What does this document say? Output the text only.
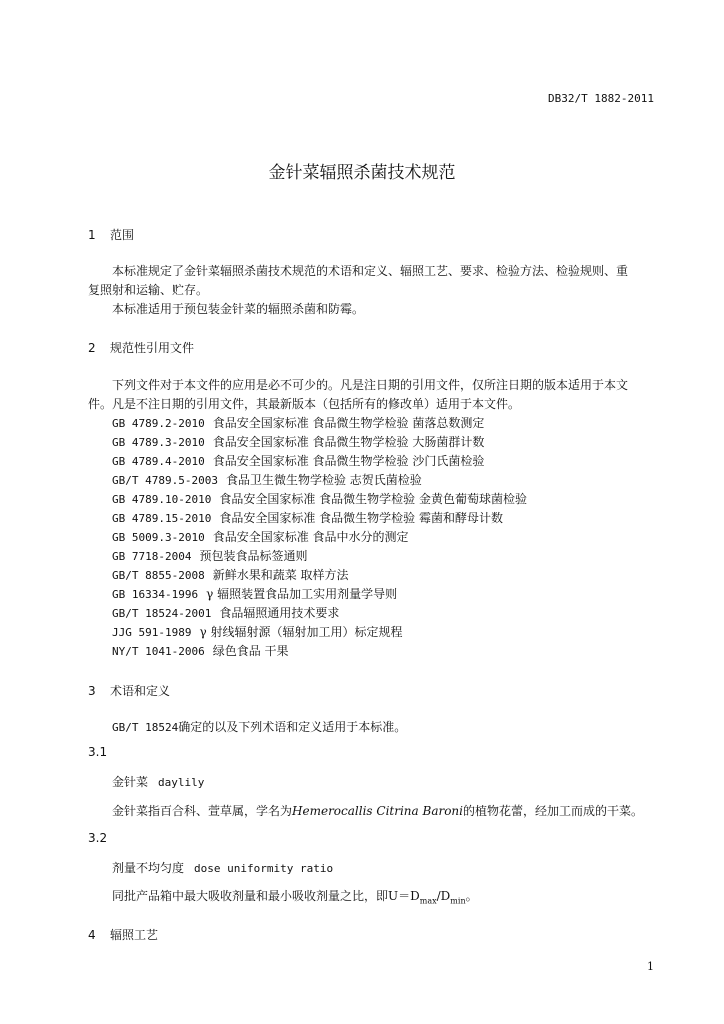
DB32/T 1882-2011
金针菜辐照杀菌技术规范
1 范围
本标准规定了金针菜辐照杀菌技术规范的术语和定义、辐照工艺、要求、检验方法、检验规则、重
复照射和运输、贮存。
本标准适用于预包装金针菜的辐照杀菌和防霉。
2 规范性引用文件
下列文件对于本文件的应用是必不可少的。凡是注日期的引用文件，仅所注日期的版本适用于本文
件。凡是不注日期的引用文件，其最新版本（包括所有的修改单）适用于本文件。
GB 4789.2-2010 食品安全国家标准 食品微生物学检验 菌落总数测定
GB 4789.3-2010 食品安全国家标准 食品微生物学检验 大肠菌群计数
GB 4789.4-2010 食品安全国家标准 食品微生物学检验 沙门氏菌检验
GB/T 4789.5-2003 食品卫生微生物学检验 志贺氏菌检验
GB 4789.10-2010 食品安全国家标准 食品微生物学检验 金黄色葡萄球菌检验
GB 4789.15-2010 食品安全国家标准 食品微生物学检验 霉菌和酵母计数
GB 5009.3-2010 食品安全国家标准 食品中水分的测定
GB 7718-2004 预包装食品标签通则
GB/T 8855-2008 新鲜水果和蔬菜 取样方法
GB 16334-1996 γ 辐照装置食品加工实用剂量学导则
GB/T 18524-2001 食品辐照通用技术要求
JJG 591-1989 γ 射线辐射源（辐射加工用）标定规程
NY/T 1041-2006 绿色食品 干果
3 术语和定义
GB/T 18524确定的以及下列术语和定义适用于本标准。
3.1
金针菜 daylily
金针菜指百合科、萱草属，学名为Hemerocallis Citrina Baroni的植物花蕾，经加工而成的干菜。
3.2
剂量不均匀度 dose uniformity ratio
同批产品箱中最大吸收剂量和最小吸收剂量之比，即$U=D_{max}/D_{min}$。
4 辐照工艺
1
